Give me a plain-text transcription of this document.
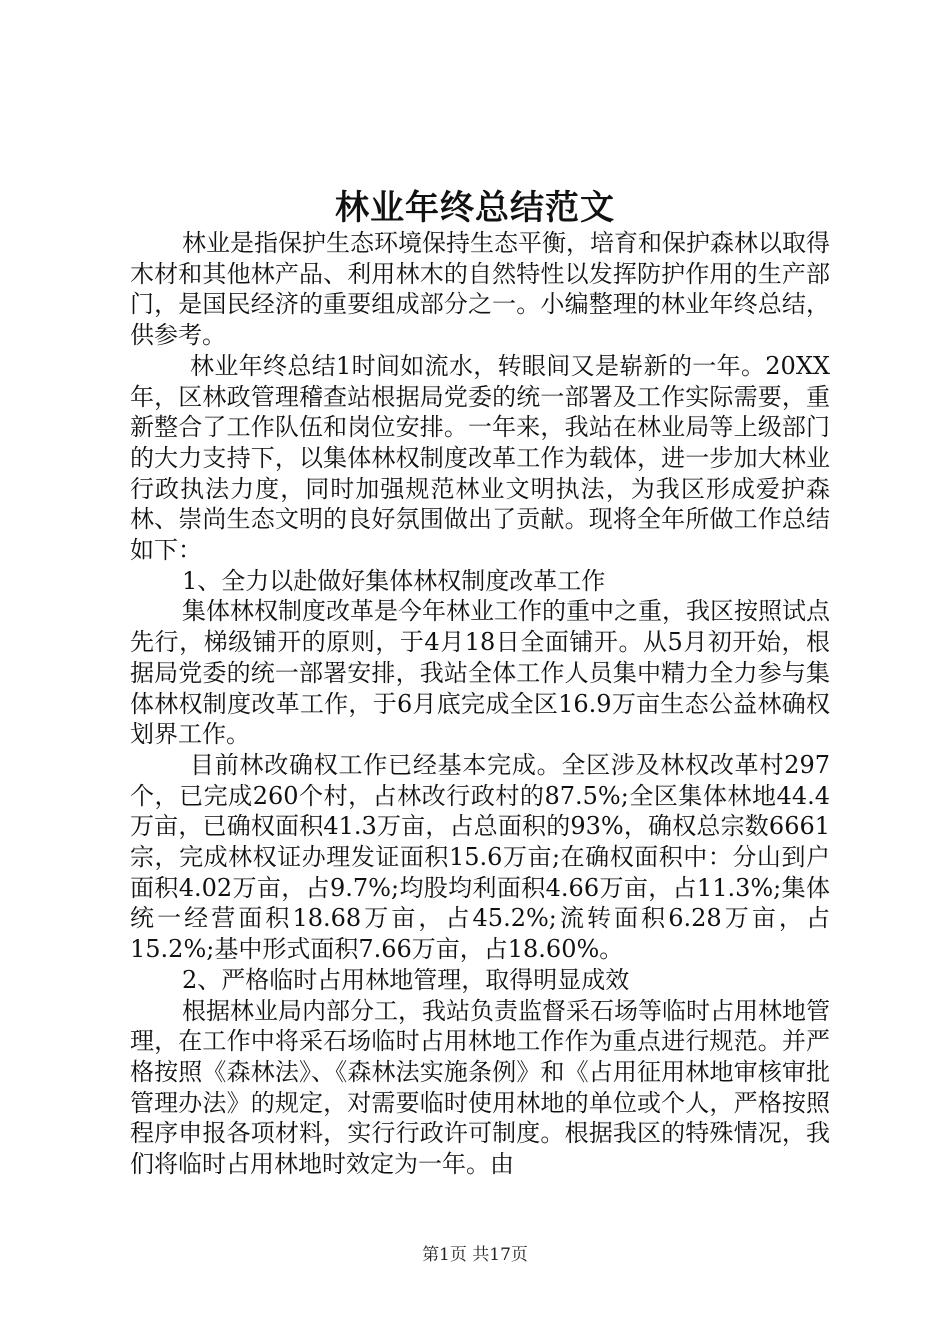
林业年终总结范文

林业是指保护生态环境保持生态平衡，培育和保护森林以取得木材和其他林产品、利用林木的自然特性以发挥防护作用的生产部门，是国民经济的重要组成部分之一。小编整理的林业年终总结，供参考。

林业年终总结1时间如流水，转眼间又是崭新的一年。20XX年，区林政管理稽查站根据局党委的统一部署及工作实际需要，重新整合了工作队伍和岗位安排。一年来，我站在林业局等上级部门的大力支持下，以集体林权制度改革工作为载体，进一步加大林业行政执法力度，同时加强规范林业文明执法，为我区形成爱护森林、崇尚生态文明的良好氛围做出了贡献。现将全年所做工作总结如下：

1、全力以赴做好集体林权制度改革工作

集体林权制度改革是今年林业工作的重中之重，我区按照试点先行，梯级铺开的原则，于4月18日全面铺开。从5月初开始，根据局党委的统一部署安排，我站全体工作人员集中精力全力参与集体林权制度改革工作，于6月底完成全区16.9万亩生态公益林确权划界工作。

目前林改确权工作已经基本完成。全区涉及林权改革村297个，已完成260个村，占林改行政村的87.5%;全区集体林地44.4万亩，已确权面积41.3万亩，占总面积的93%，确权总宗数6661宗，完成林权证办理发证面积15.6万亩;在确权面积中：分山到户面积4.02万亩，占9.7%;均股均利面积4.66万亩，占11.3%;集体统一经营面积18.68万亩，占45.2%;流转面积6.28万亩，占15.2%;基中形式面积7.66万亩，占18.60%。

2、严格临时占用林地管理，取得明显成效

根据林业局内部分工，我站负责监督采石场等临时占用林地管理，在工作中将采石场临时占用林地工作作为重点进行规范。并严格按照《森林法》、《森林法实施条例》和《占用征用林地审核审批管理办法》的规定，对需要临时使用林地的单位或个人，严格按照程序申报各项材料，实行行政许可制度。根据我区的特殊情况，我们将临时占用林地时效定为一年。由

第1页 共17页
